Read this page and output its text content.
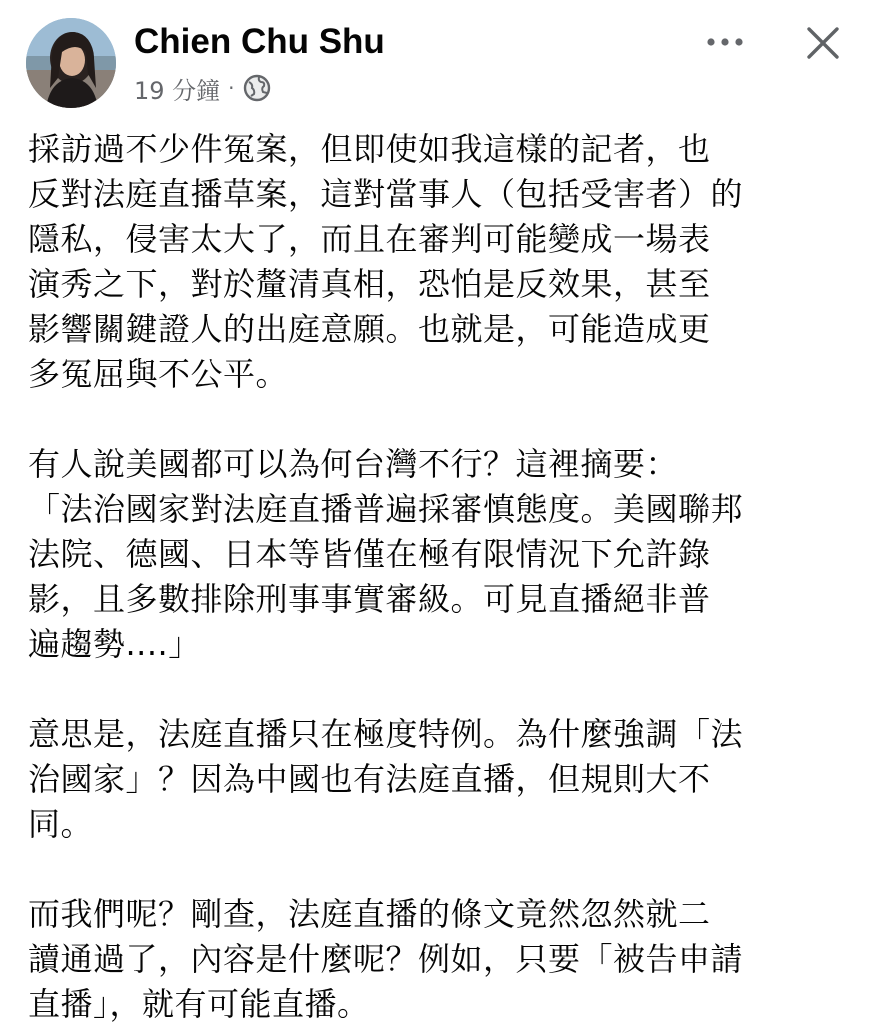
Chien Chu Shu
19 分鐘 ·

採訪過不少件冤案，但即使如我這樣的記者，也
反對法庭直播草案，這對當事人（包括受害者）的
隱私，侵害太大了，而且在審判可能變成一場表
演秀之下，對於釐清真相，恐怕是反效果，甚至
影響關鍵證人的出庭意願。也就是，可能造成更
多冤屈與不公平。

有人說美國都可以為何台灣不行？這裡摘要：
「法治國家對法庭直播普遍採審慎態度。美國聯邦
法院、德國、日本等皆僅在極有限情況下允許錄
影，且多數排除刑事事實審級。可見直播絕非普
遍趨勢....」

意思是，法庭直播只在極度特例。為什麼強調「法
治國家」？因為中國也有法庭直播，但規則大不
同。

而我們呢？剛查，法庭直播的條文竟然忽然就二
讀通過了，內容是什麼呢？例如，只要「被告申請
直播」，就有可能直播。
